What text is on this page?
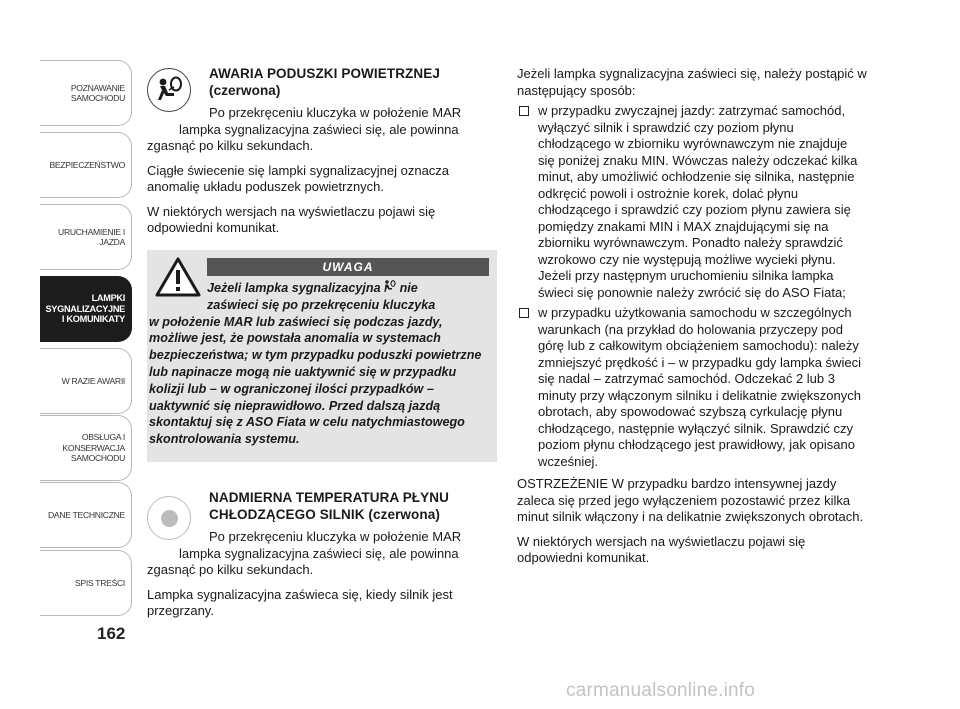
POZNAWANIE
SAMOCHODU
BEZPIECZEŃSTWO
URUCHAMIENIE I
JAZDA
LAMPKI
SYGNALIZACYJNE
I KOMUNIKATY
W RAZIE AWARII
OBSŁUGA I
KONSERWACJA
SAMOCHODU
DANE TECHNICZNE
SPIS TREŚCI
162
AWARIA PODUSZKI POWIETRZNEJ
(czerwona)

Po przekręceniu kluczyka w położenie MAR
lampka sygnalizacyjna zaświeci się, ale powinna
zgasnąć po kilku sekundach.

Ciągłe świecenie się lampki sygnalizacyjnej oznacza anomalię układu poduszek powietrznych.

W niektórych wersjach na wyświetlaczu pojawi się odpowiedni komunikat.

UWAGA
Jeżeli lampka sygnalizacyjna nie
zaświeci się po przekręceniu kluczyka
w położenie MAR lub zaświeci się podczas jazdy, możliwe jest, że powstała anomalia w systemach bezpieczeństwa; w tym przypadku poduszki powietrzne lub napinacze mogą nie uaktywnić się w przypadku kolizji lub – w ograniczonej ilości przypadków – uaktywnić się nieprawidłowo. Przed dalszą jazdą skontaktuj się z ASO Fiata w celu natychmiastowego skontrolowania systemu.
NADMIERNA TEMPERATURA PŁYNU
CHŁODZĄCEGO SILNIK (czerwona)

Po przekręceniu kluczyka w położenie MAR
lampka sygnalizacyjna zaświeci się, ale powinna
zgasnąć po kilku sekundach.

Lampka sygnalizacyjna zaświeca się, kiedy silnik jest przegrzany.

Jeżeli lampka sygnalizacyjna zaświeci się, należy postąpić w następujący sposób:

w przypadku zwyczajnej jazdy: zatrzymać samochód, wyłączyć silnik i sprawdzić czy poziom płynu chłodzącego w zbiorniku wyrównawczym nie znajduje się poniżej znaku MIN. Wówczas należy odczekać kilka minut, aby umożliwić ochłodzenie się silnika, następnie odkręcić powoli i ostrożnie korek, dolać płynu chłodzącego i sprawdzić czy poziom płynu zawiera się pomiędzy znakami MIN i MAX znajdującymi się na zbiorniku wyrównawczym. Ponadto należy sprawdzić wzrokowo czy nie występują możliwe wycieki płynu. Jeżeli przy następnym uruchomieniu silnika lampka świeci się ponownie należy zwrócić się do ASO Fiata;
w przypadku użytkowania samochodu w szczególnych warunkach (na przykład do holowania przyczepy pod górę lub z całkowitym obciążeniem samochodu): należy zmniejszyć prędkość i – w przypadku gdy lampka świeci się nadal – zatrzymać samochód. Odczekać 2 lub 3 minuty przy włączonym silniku i delikatnie zwiększonych obrotach, aby spowodować szybszą cyrkulację płynu chłodzącego, następnie wyłączyć silnik. Sprawdzić czy poziom płynu chłodzącego jest prawidłowy, jak opisano wcześniej.

OSTRZEŻENIE W przypadku bardzo intensywnej jazdy zaleca się przed jego wyłączeniem pozostawić przez kilka minut silnik włączony i na delikatnie zwiększonych obrotach.

W niektórych wersjach na wyświetlaczu pojawi się odpowiedni komunikat.

carmanualsonline.info
